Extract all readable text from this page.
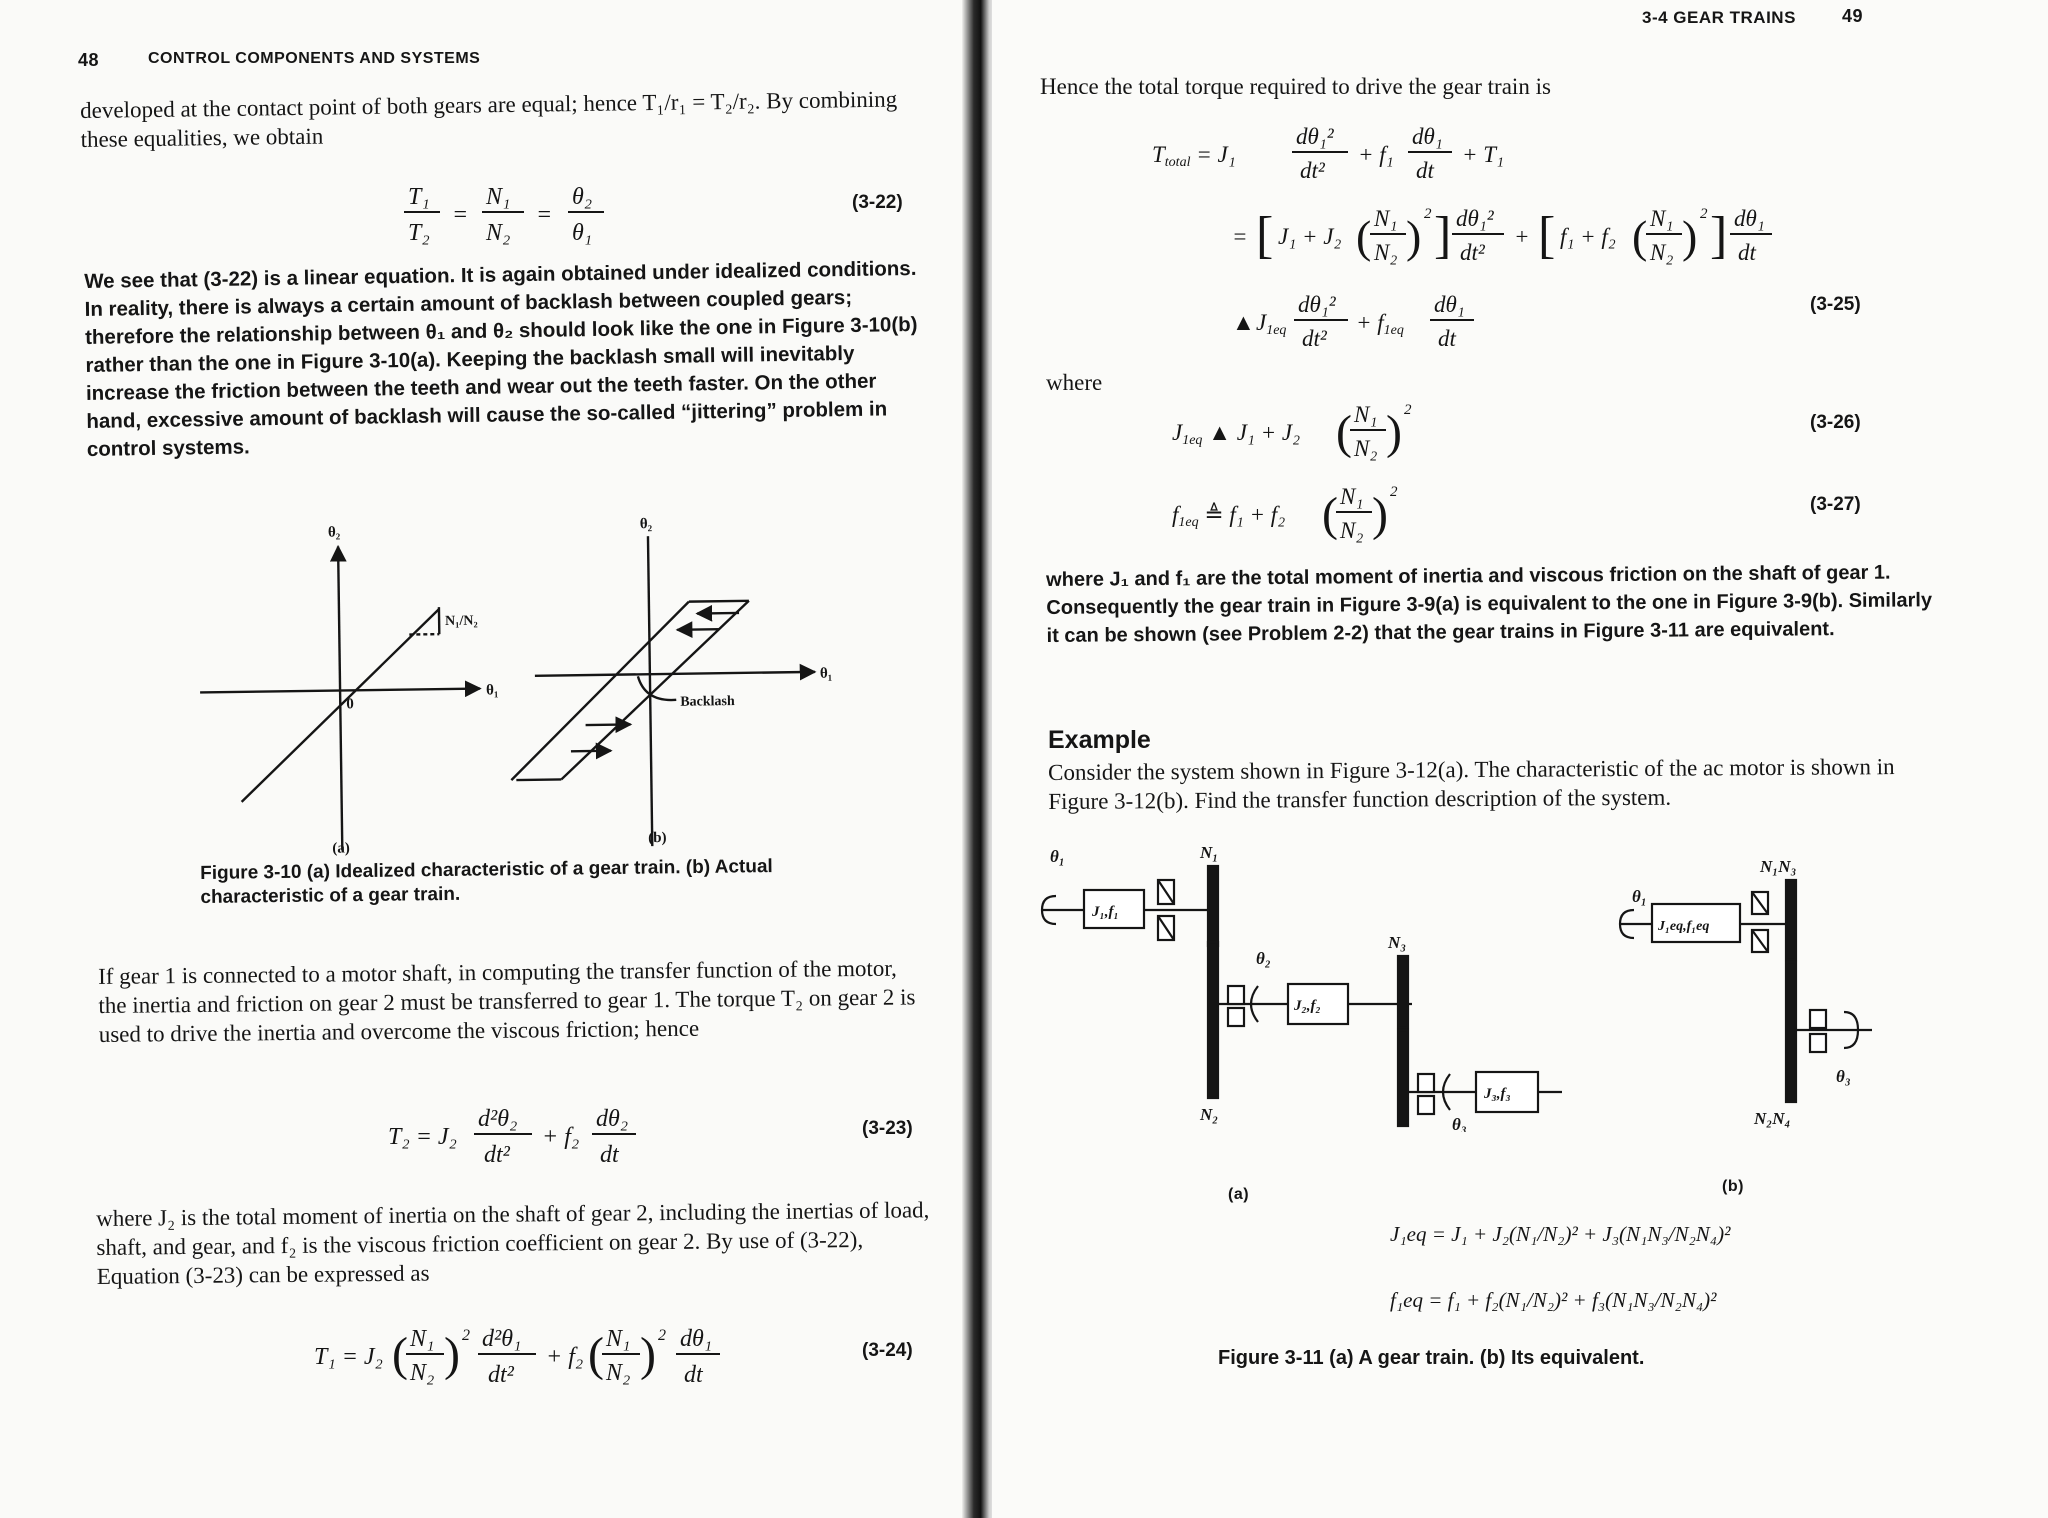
48	CONTROL COMPONENTS AND SYSTEMS
developed at the contact point of both gears are equal; hence T₁/r₁ = T₂/r₂. By combining these equalities, we obtain
T₁
T₂
=
N₁
N₂
=
θ₂
θ₁
(3-22)
We see that (3-22) is a linear equation. It is again obtained under idealized conditions. In reality, there is always a certain amount of backlash between coupled gears; therefore the relationship between θ₁ and θ₂ should look like the one in Figure 3-10(b) rather than the one in Figure 3-10(a). Keeping the backlash small will inevitably increase the friction between the teeth and wear out the teeth faster. On the other hand, excessive amount of backlash will cause the so-called “jittering” problem in control systems.
θ₂
θ₁
0
N₁/N₂
θ₂
θ₁
Backlash
(a)
(b)
Figure 3-10 (a) Idealized characteristic of a gear train. (b) Actual characteristic of a gear train.
If gear 1 is connected to a motor shaft, in computing the transfer function of the motor, the inertia and friction on gear 2 must be transferred to gear 1. The torque T₂ on gear 2 is used to drive the inertia and overcome the viscous friction; hence
T₂ = J₂
d²θ₂
dt²
+ f₂
dθ₂
dt
(3-23)
where J₂ is the total moment of inertia on the shaft of gear 2, including the inertias of load, shaft, and gear, and f₂ is the viscous friction coefficient on gear 2. By use of (3-22), Equation (3-23) can be expressed as
T₁ = J₂ ( N₁
N₂ ) 2 d²θ₁
dt²
+ f₂ ( N₁
N₂ ) 2 dθ₁
dt
(3-24)
3-4 GEAR TRAINS	49
Hence the total torque required to drive the gear train is
Ttotal = J₁
dθ₁²
dt²
+ f₁
dθ₁
dt
+ T₁
= [ J₁ + J₂ ( N₁
N₂ ) 2 ] dθ₁²
dt²
+ [ f₁ + f₂ ( N₁
N₂ ) 2 ] dθ₁
dt
▲ J1eq
dθ₁²
dt²
+ f1eq
dθ₁
dt
(3-25)
where
J1eq ▲ J₁ + J₂ ( N₁
N₂ ) 2
(3-26)
f1eq ≜ f₁ + f₂ ( N₁
N₂ ) 2
(3-27)
where J₁ and f₁ are the total moment of inertia and viscous friction on the shaft of gear 1. Consequently the gear train in Figure 3-9(a) is equivalent to the one in Figure 3-9(b). Similarly it can be shown (see Problem 2-2) that the gear trains in Figure 3-11 are equivalent.
Example
Consider the system shown in Figure 3-12(a). The characteristic of the ac motor is shown in Figure 3-12(b). Find the transfer function description of the system.
θ₁	N₁
J₁,f₁
θ₂
J₂,f₂
N₂
N₃
J₃,f₃
θ₃
θ₁
J₁eq,f₁eq
N₁N₃
N₂N₄
θ₃
(a)	(b)
J₁eq = J₁ + J₂(N₁/N₂)² + J₃(N₁N₃/N₂N₄)²
f₁eq = f₁ + f₂(N₁/N₂)² + f₃(N₁N₃/N₂N₄)²
Figure 3-11 (a) A gear train. (b) Its equivalent.
